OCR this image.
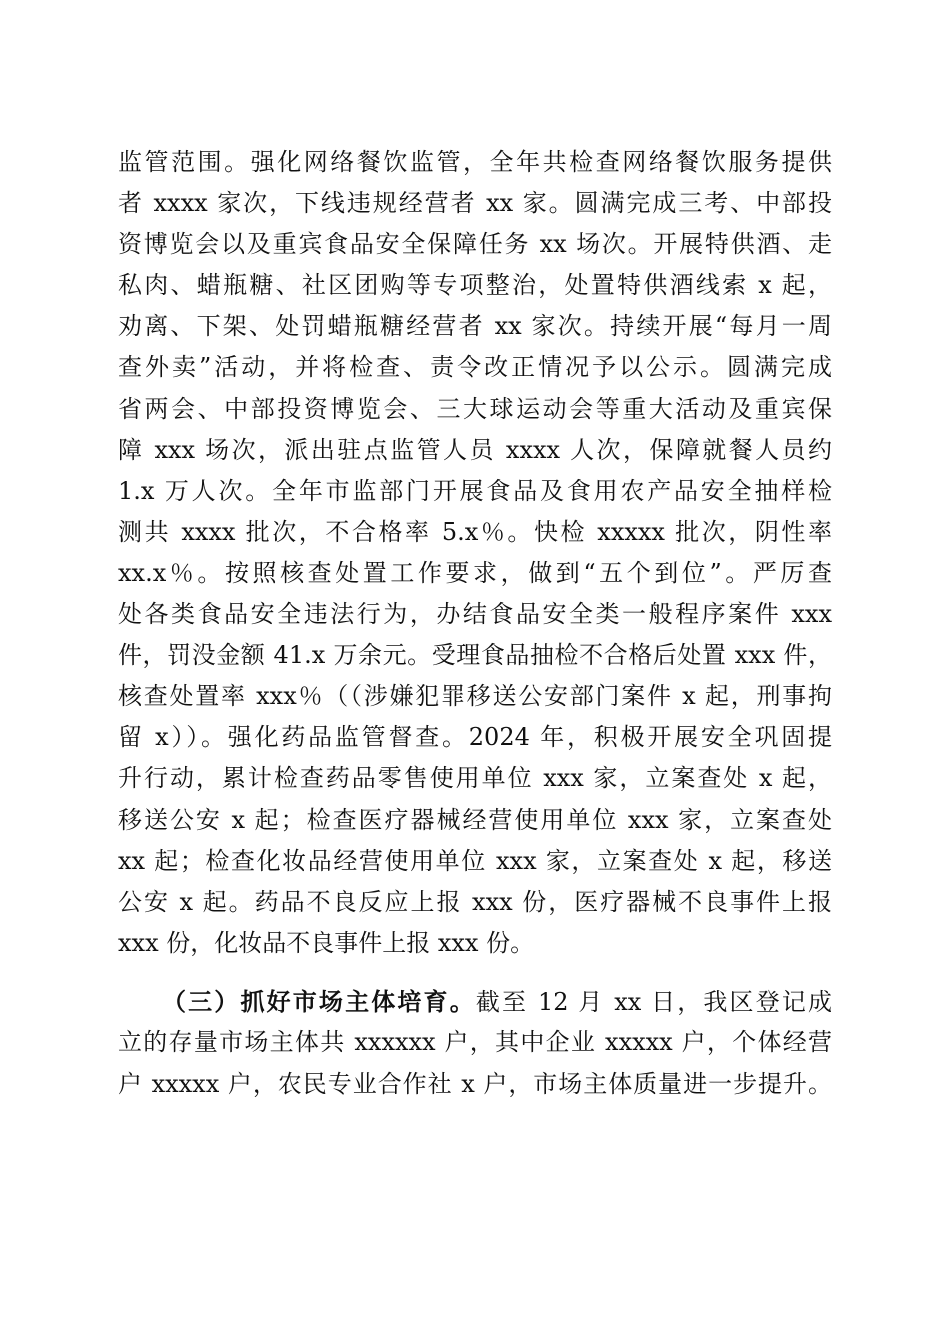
监管范围。强化网络餐饮监管，全年共检查网络餐饮服务提供
者 xxxx 家次，下线违规经营者 xx 家。圆满完成三考、中部投
资博览会以及重宾食品安全保障任务 xx 场次。开展特供酒、走
私肉、蜡瓶糖、社区团购等专项整治，处置特供酒线索 x 起，
劝离、下架、处罚蜡瓶糖经营者 xx 家次。持续开展“每月一周
查外卖”活动，并将检查、责令改正情况予以公示。圆满完成
省两会、中部投资博览会、三大球运动会等重大活动及重宾保
障 xxx 场次，派出驻点监管人员 xxxx 人次，保障就餐人员约
1.x 万人次。全年市监部门开展食品及食用农产品安全抽样检
测共 xxxx 批次，不合格率 5.x％。快检 xxxxx 批次，阴性率
xx.x％。按照核查处置工作要求，做到“五个到位”。严厉查
处各类食品安全违法行为，办结食品安全类一般程序案件 xxx
件，罚没金额 41.x 万余元。受理食品抽检不合格后处置 xxx 件，
核查处置率 xxx％（（涉嫌犯罪移送公安部门案件 x 起，刑事拘
留 x））。强化药品监管督查。2024 年，积极开展安全巩固提
升行动，累计检查药品零售使用单位 xxx 家，立案查处 x 起，
移送公安 x 起；检查医疗器械经营使用单位 xxx 家，立案查处
xx 起；检查化妆品经营使用单位 xxx 家，立案查处 x 起，移送
公安 x 起。药品不良反应上报 xxx 份，医疗器械不良事件上报
xxx 份，化妆品不良事件上报 xxx 份。
（三）抓好市场主体培育。截至 12 月 xx 日，我区登记成
立的存量市场主体共 xxxxxx 户，其中企业 xxxxx 户，个体经营
户 xxxxx 户，农民专业合作社 x 户，市场主体质量进一步提升。
